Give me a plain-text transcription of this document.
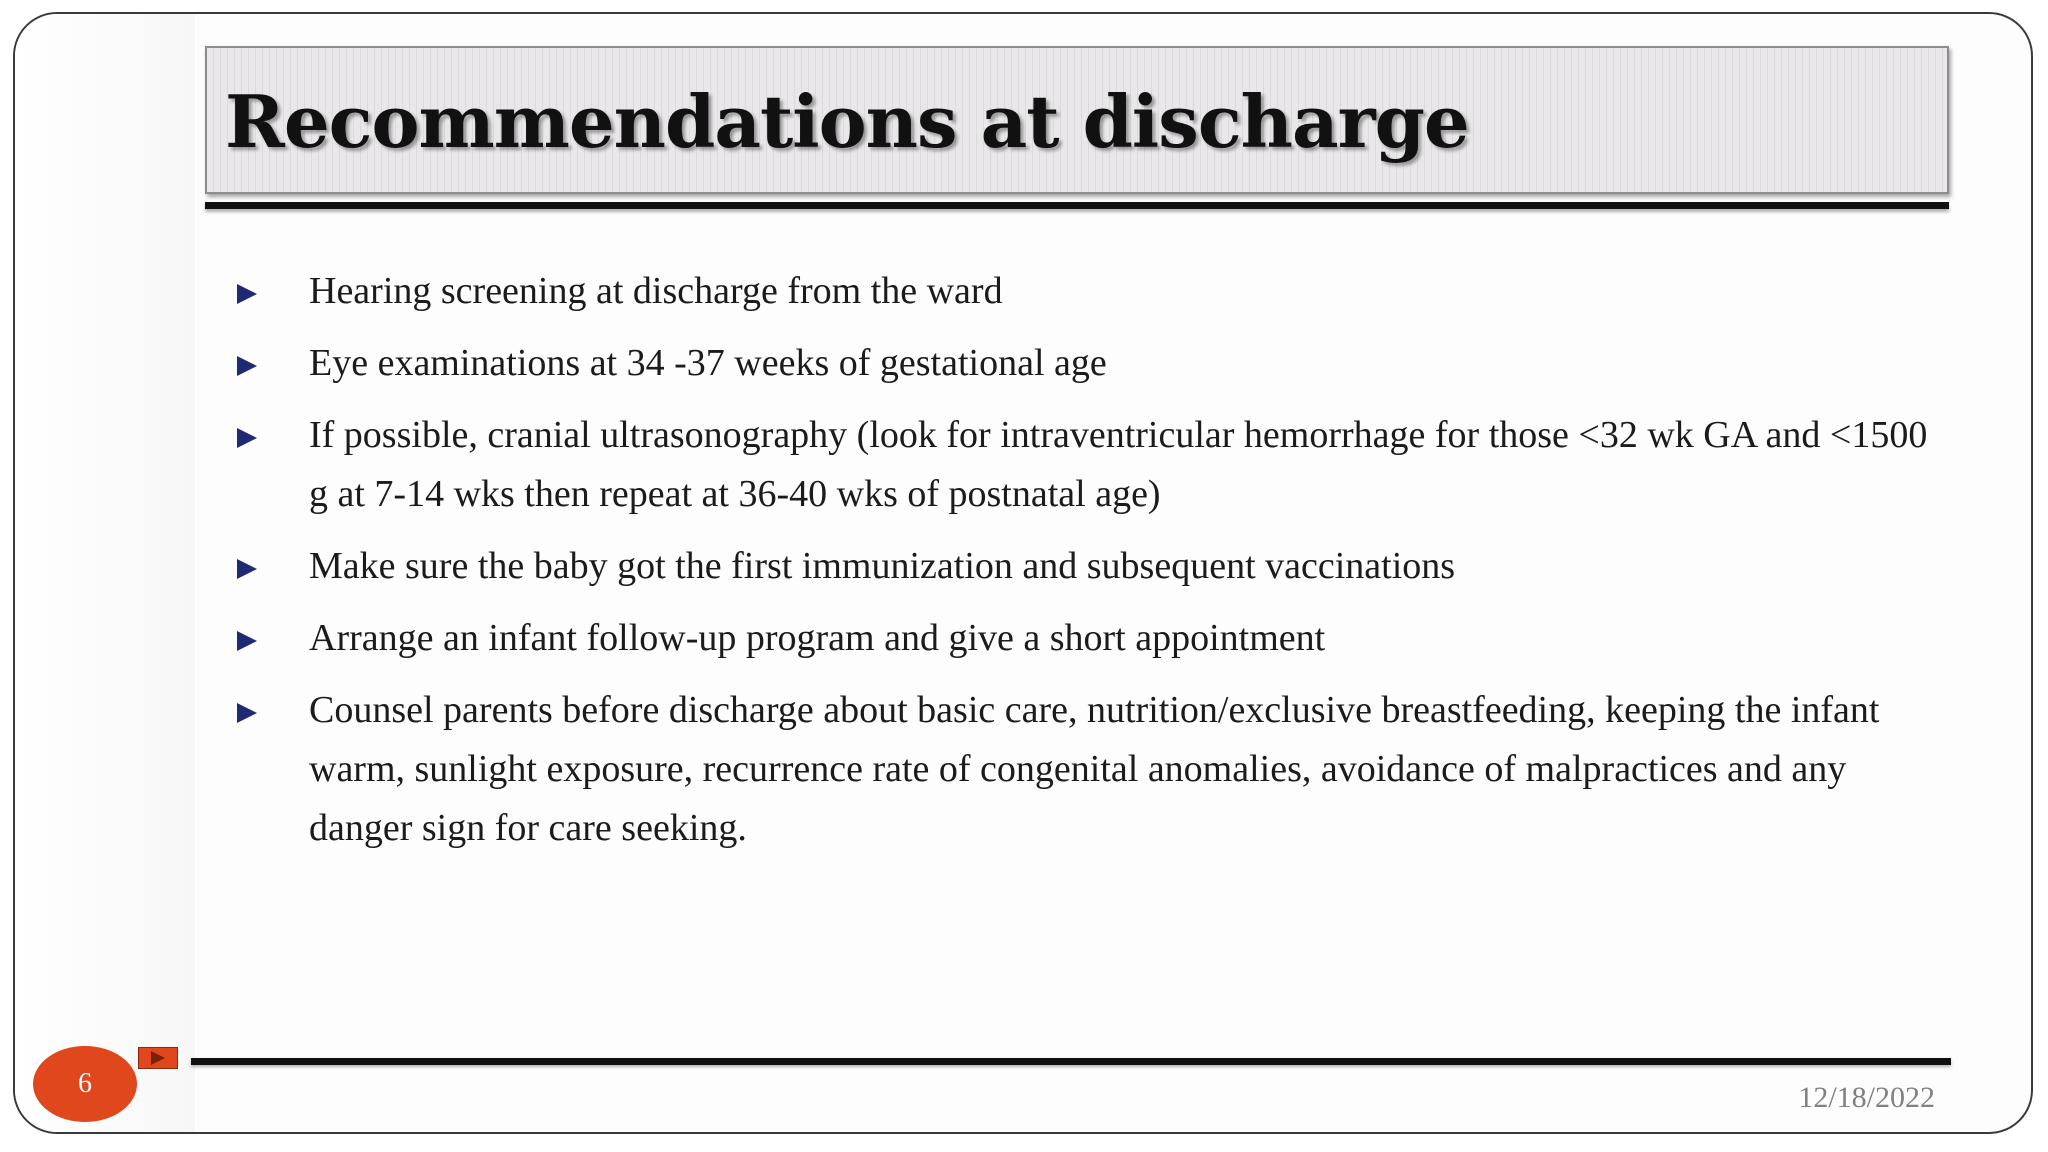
Recommendations at discharge
Hearing screening at discharge from the ward
Eye examinations at 34 -37 weeks of gestational age
If possible, cranial ultrasonography (look for intraventricular hemorrhage for those <32 wk GA and <1500 g at 7-14 wks then repeat at 36-40 wks of postnatal age)
Make sure the baby got the first immunization and subsequent vaccinations
Arrange an infant follow-up program and give a short appointment
Counsel parents before discharge about basic care, nutrition/exclusive breastfeeding, keeping the infant warm, sunlight exposure, recurrence rate of congenital anomalies, avoidance of malpractices and any danger sign for care seeking.
6	12/18/2022
